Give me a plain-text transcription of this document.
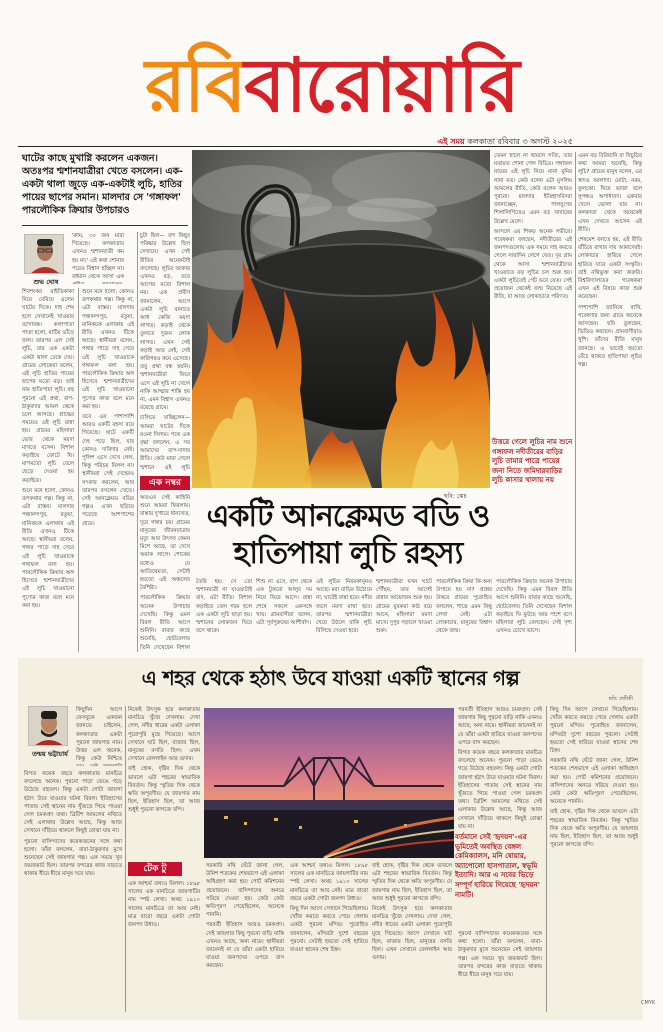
রবিবারোয়ারি
এই সময় কলকাতা রবিবার ৩ অগস্ট ২০২৫
ঘাটের কাছে মুখাগ্নি করলেন একজন। অতঃপর শ্মশানযাত্রীরা খেতে বসলেন। এক-একটা থালা জুড়ে এক-একটাই লুচি, হাতির পায়ের ছাপের সমান। মালদার সে 'গঙ্গাফল' পারলৌকিক ক্রিয়ার উপচারও
শুভ ঘোষ

'কাম, ৩০ জন মারা গিয়েছে। কলকাতায় এখনও শ্মশানযাত্রী কম হয় না।' এই কথা শোনার পরেও বিশ্বাস হচ্ছিল না। বর্ধমান থেকে আসা এক

শিবশংকর মাইতিকাকা নিয়ে বেরিয়ে এলেন ঘাটের দিকে। দাহ শেষ হলে সেখানেই খাওয়ার বন্দোবস্ত। কলাপাতা পাতা হলো, মাটির ভাঁড়ে জল। তারপর এল সেই লুচি, যার এক একটা একটা থালা ঢেকে দেয়। গ্রামের লোকেরা বলেন, এই লুচি হাতির পায়ের ছাপের মতো বড়। তাই নাম হাতিপায়া লুচি। বহু পুরনো এই প্রথা, বাপ-ঠাকুরদার আমল থেকে চলে আসছে। শ্রাদ্ধের সময়েও এই লুচি রান্না হয়। গ্রামের মহিলারা ভোর থেকে ময়দা মাখতে বসেন। বিশাল কড়াইয়ে ফোটে ঘি। মাপমতো লুচি বেলে ছেড়ে দেওয়া হয় কড়াইয়ে।

শুনে মনে হলো, কোনও রূপকথার গল্প। কিন্তু না, এটা বাস্তব। মালদার পঞ্চানন্দপুর, রতুয়া, মানিকচক এলাকায় এই রীতি এখনও টিকে আছে। স্থানীয়রা বলেন, গঙ্গার পাড়ে দাহ সেরে এই লুচি খাওয়াকে গঙ্গাফল বলা হয়। পারলৌকিক ক্রিয়ার অঙ্গ হিসেবে শ্মশানযাত্রীদের এই লুচি খাওয়ানো পুণ্যের কাজ বলে মনে করা হয়।

শুনে মনে হলো, কোনও রূপকথার গল্প। কিন্তু না, এটা বাস্তব। মালদার পঞ্চানন্দপুর, রতুয়া, মানিকচক এলাকায় এই রীতি এখনও টিকে আছে। স্থানীয়রা বলেন, গঙ্গার পাড়ে দাহ সেরে এই লুচি খাওয়াকে গঙ্গাফল বলা হয়। পারলৌকিক ক্রিয়ার অঙ্গ হিসেবে শ্মশানযাত্রীদের এই লুচি খাওয়ানো পুণ্যের কাজ বলে মনে করা হয়।

তবে এর পাশাপাশি আরও একটি রহস্য রয়ে গিয়েছে। ঘাটে একটি দেহ পড়ে ছিল, যার কোনও দাবিদার নেই। পুলিশ এসে দেখে গেল, কিন্তু পরিচয় মিলল না। স্থানীয়রা সেই দেহেরও সৎকার করলেন, আর তারপর বসলেন খেতে। সেই আনক্লেমড বডির গল্পও এখন ছড়িয়ে পড়েছে আশপাশের গ্রামে।

চুটা ছিল— বন্দ কিছুর পরিষ্কার উল্লেখ ছিল সেখানে। এখন সেই রীতির অনেকটাই বদলেছে। লুচির আকার এখনও বড়, তবে আগের মতো বিশাল নয়। এক প্রবীণ জানালেন, আগে একটা লুচি বানাতে আধ কেজি ময়দা লাগত। কড়াই থেকে তুলতে দুজন লোক লাগত। এখন সেই কড়াই আর নেই, সেই কারিগরও কমে এসেছে। তবু প্রথা বন্ধ হয়নি। শ্মশানযাত্রীরা ফিরে এসে এই লুচি না খেলে নাকি আত্মার শান্তি হয় না, এমন বিশ্বাস এখনও রয়েছে গ্রামে।

চালিয়ে যাচ্ছিলেন— আমরা ঘাটের দিকে রওনা দিলাম। পথে এক বৃদ্ধা বললেন, এ সব আমাদের বাপ-দাদার রীতি। কেউ মারা গেলে শ্মশানে এই লুচি

এক নম্বর

অতএব সেই কাহিনি শুনে আমরা ফিরলাম। রাস্তার দু'ধারে ধানখেত, দূরে গঙ্গার চর। গ্রামের মানুষের জীবনযাত্রায় মৃত্যু আর উৎসব কেমন মিশে আছে, তা দেখে অবাক লাগে। শোকের মধ্যেও যে আতিথেয়তা, সেটাই হয়তো এই অঞ্চলের বৈশিষ্ট্য।

পারলৌকিক ক্রিয়ার অনেক উপাচার দেখেছি। কিন্তু এমন বিরল রীতি আগে শুনিনি। বাবার কাছে শুনেছি, ছোটবেলায় তিনি দেখেছেন বিশাল

ছবি: স্কেচ

তেমন হালে না থামলে সত্যি, তার মতামত শোনা গেল বিচিত্র। গঙ্গাফল নামের এই লুচি নিয়ে নানা মুনির নানা মত। কেউ বলেন এটা মুসলিম আমলের রীতি, কেউ বলেন আরও পুরনো। মালদার ইতিহাসবিদরা জানাচ্ছেন, পালযুগের শিলালিপিতেও এমন বড় খাবারের উল্লেখ মেলে।

আসলে এর শিকড় অনেক গভীরে। গবেষকরা বলছেন, নদীতীরের এই জনপদগুলোয় এক সময়ে দাহ করতে গেলে সারাদিন লেগে যেত। দূর গ্রাম থেকে আসা শ্মশানযাত্রীদের খাওয়াতে বড় লুচির চল শুরু হয়। একটা লুচিতেই পেট ভরে যেত। সেই প্রয়োজন থেকেই জন্ম নিয়েছে এই রীতি, যা আজ লোকাচারে পরিণত।

এমন বড় বিরিয়ানি বা খিচুড়ির কথা আমরা শুনেছি, কিন্তু লুচি? গ্রামের মানুষ বলেন, এর স্বাদও আলাদা। মোটা, নরম, ফুলকো। ঘিয়ে ভাজা বলে সুগন্ধও অসাধারণ। একবার খেলে ভোলা যায় না। কলকাতা থেকে অনেকেই এখন দেখতে আসেন এই রীতি।

শেষমেশ বলতে হয়, এই রীতি বাঁচিয়ে রাখার দায় আমাদেরই। লোকাচার হারিয়ে গেলে হারিয়ে যাবে একটা সংস্কৃতি। তাই নথিভুক্ত করা জরুরি। বিশ্ববিদ্যালয়ের গবেষকরা এখন এই বিষয়ে কাজ শুরু করেছেন।

পাশাপাশি জানিয়ে রাখি, গবেষণার জন্য গ্রামে অনেকে আসছেন। ছবি তুলছেন, ভিডিও করছেন। গ্রামবাসীরাও খুশি। তাঁদের রীতি মানুষ জানছে। এ ভাবেই হয়তো বেঁচে থাকবে হাতিপায়া লুচির গল্প।

উত্তরে গেলে লুচির নাম শুনে গঙ্গাফল নদীতীরের বাড়ির লুচি তামার পাত্রে পায়ের জন্য নিতে জমিদারবাড়ির লুচি কাসার থালায় নয়
একটি আনক্লেমড বডি ও হাতিপায়া লুচি রহস্য

তৈরি হয়: সে তো শ্মশানযাত্রী না যাওয়াটাই বাদ, ওটা রীতি। বিশাল কড়াইয়ে তেল গরম হলে এক একটা লুচি ছাড়া হয়। শ্মশানের লোকজন ঘিরে বসে থাকে।

শিশু না এসে, বাগ থেকে এক টুকরো আলুর দম নিয়ে ফিরে আসে। রান্না শেষে সকলে একসঙ্গে খায়। গ্রামবাসীরা বলেন, এটা পূর্বপুরুষের আশীর্বাদ।

এই লুচির নিয়মকানুনও আছে। মরা বাড়ির উঠোনে না, ঘাটেই রান্না হবে। নদীর জলে ময়দা মাখা হবে। তারপর শ্মশানযাত্রীরা খেয়ে উঠলে বাকি লুচি বিলিয়ে দেওয়া হবে।

শ্মশানযাত্রীরা যখন ঘাটে পৌঁছন, তার আগেই রান্নার আয়োজন শুরু হয়। গ্রামের যুবকরা কাঠ বয়ে আনে, মহিলারা ময়দা মাখে। দুপুর গড়ালে খাওয়া শুরু।

পারলৌকিক ক্রিয়া কি অন্য উপায়ে হয় না? প্রশ্নের উত্তরে গ্রামের পুরোহিত বললেন, শাস্ত্রে এমন কিছু লেখা নেই। এটা লোকাচার, মানুষের বিশ্বাস থেকে জন্ম।

পারলৌকিক ক্রিয়ার অনেক উপাচার দেখেছি। কিন্তু এমন বিরল রীতি আগে শুনিনি। বাবার কাছে শুনেছি, ছোটবেলায় তিনি দেখেছেন বিশাল কড়াইয়ে ঘি ফুটছে আর পাশে বসে মহিলারা লুচি বেলছেন। সেই দৃশ্য এখনও চোখে ভাসে।

এ শহর থেকে হঠাৎ উবে যাওয়া একটি স্থানের গল্প
ছবি: প্রতীকী
তন্ময় ভট্টাচার্য

কিছুদিন আগে ফেসবুকে একজন জানতে চাইলেন, কলকাতার একটা পুরনো জায়গার নাম। উত্তর এল অনেক, কিন্তু কেউ নিশ্চিত

বিগত কয়েক বছরে কলকাতার মানচিত্র বদলেছে অনেক। পুরনো পাড়া ভেঙে গড়ে উঠেছে বহুতল। কিন্তু একটা গোটা জায়গা হঠাৎ উবে যাওয়ার ঘটনা বিরল। ইতিহাসের পাতায় সেই স্থানের নাম খুঁজতে গিয়ে পাওয়া গেল চমকপ্রদ তথ্য। ব্রিটিশ আমলের নথিতে সেই এলাকার উল্লেখ আছে, কিন্তু আজ সেখানে দাঁড়িয়ে থাকলে কিছুই বোঝা যায় না।

পুরনো বাসিন্দাদের কয়েকজনের সঙ্গে কথা হলো। তাঁরা বললেন, বাবা-ঠাকুরদার মুখে শুনেছেন সেই জায়গার গল্প। এক সময়ে খুব জমজমাট ছিল। তারপর বন্দরের কাজ বাড়তে থাকায় ধীরে ধীরে মানুষ সরে যায়।

নিকেই উৎসুক হয়ে কলকাতার মানচিত্র খুঁজে দেখলাম। দেখা গেল, নদীর ধারের একটা এলাকা পুরোপুরি মুছে গিয়েছে। আগে সেখানে ঘাট ছিল, বাজার ছিল, মানুষের বসতি ছিল। এখন সেখানে রেললাইন আর গুদাম।

যাই হোক, দৃষ্টির দিক থেকে ভাবলে এটা শহরের স্বাভাবিক বিবর্তন। কিন্তু স্মৃতির দিক থেকে ক্ষতি অপূরণীয়। যে জায়গার নাম ছিল, ইতিহাস ছিল, তা আজ শুধুই পুরনো কাগজে বন্দি।

টেক টু

এক আশ্চর্য তথ্যও মিলল। ১৮৯৮ সালের এক মানচিত্রে জায়গাটির নাম স্পষ্ট লেখা। অথচ ১৯১০ সালের মানচিত্রে তা আর নেই। মাত্র বারো বছরে একটা গোটা জনপদ উধাও।

সরকারি নথি ঘেঁটে জানা গেল, উনিশ শতকের শেষভাগে এই এলাকা অধিগ্রহণ করা হয়। পোর্ট কমিশনের প্রয়োজনে। বাসিন্দাদের অন্যত্র সরিয়ে দেওয়া হয়। কেউ কেউ ক্ষতিপূরণ পেয়েছিলেন, অনেকে পাননি।

পরবর্তী ইতিহাস আরও চমকপ্রদ। সেই জায়গার কিছু পুরনো বাড়ি নাকি এখনও আছে, অন্য নামে। স্থানীয়রা জানেনই না যে তাঁরা একটা হারিয়ে যাওয়া জনপদের ওপরে বাস করছেন।

এক আশ্চর্য তথ্যও মিলল। ১৮৯৮ সালের এক মানচিত্রে জায়গাটির নাম স্পষ্ট লেখা। অথচ ১৯১০ সালের মানচিত্রে তা আর নেই। মাত্র বারো বছরে একটা গোটা জনপদ উধাও।

কিছু দিন আগে সেখানে গিয়েছিলাম। খোঁজ করতে করতে পেয়ে গেলাম একটা পুরনো মন্দির। পুরোহিত জানালেন, মন্দিরটা দুশো বছরের পুরনো। সেটাই হয়তো সেই হারিয়ে যাওয়া স্থানের শেষ চিহ্ন।

যাই হোক, দৃষ্টির দিক থেকে ভাবলে এটা শহরের স্বাভাবিক বিবর্তন। কিন্তু স্মৃতির দিক থেকে ক্ষতি অপূরণীয়। যে জায়গার নাম ছিল, ইতিহাস ছিল, তা আজ শুধুই পুরনো কাগজে বন্দি।

নিকেই উৎসুক হয়ে কলকাতার মানচিত্র খুঁজে দেখলাম। দেখা গেল, নদীর ধারের একটা এলাকা পুরোপুরি মুছে গিয়েছে। আগে সেখানে ঘাট ছিল, বাজার ছিল, মানুষের বসতি ছিল। এখন সেখানে রেললাইন আর গুদাম।

পরবর্তী ইতিহাস আরও চমকপ্রদ। সেই জায়গার কিছু পুরনো বাড়ি নাকি এখনও আছে, অন্য নামে। স্থানীয়রা জানেনই না যে তাঁরা একটা হারিয়ে যাওয়া জনপদের ওপরে বাস করছেন।

বিগত কয়েক বছরে কলকাতার মানচিত্র বদলেছে অনেক। পুরনো পাড়া ভেঙে গড়ে উঠেছে বহুতল। কিন্তু একটা গোটা জায়গা হঠাৎ উবে যাওয়ার ঘটনা বিরল। ইতিহাসের পাতায় সেই স্থানের নাম খুঁজতে গিয়ে পাওয়া গেল চমকপ্রদ তথ্য। ব্রিটিশ আমলের নথিতে সেই এলাকার উল্লেখ আছে, কিন্তু আজ সেখানে দাঁড়িয়ে থাকলে কিছুই বোঝা যায় না।

বর্তমানে সেই 'হৃদয়ন'-এর ভূমিতেই অবস্থিত বেঙ্গল কেমিক্যালস, মনি ষোয়ার, অ্যাপোলো হাসপাতাল, স্বভূমি ইত্যাদি। আর এ সবের ভিড়ে সম্পূর্ণ হারিয়ে গিয়েছে 'হৃদয়ন' নামটি।

পুরনো বাসিন্দাদের কয়েকজনের সঙ্গে কথা হলো। তাঁরা বললেন, বাবা-ঠাকুরদার মুখে শুনেছেন সেই জায়গার গল্প। এক সময়ে খুব জমজমাট ছিল। তারপর বন্দরের কাজ বাড়তে থাকায় ধীরে ধীরে মানুষ সরে যায়।

কিছু দিন আগে সেখানে গিয়েছিলাম। খোঁজ করতে করতে পেয়ে গেলাম একটা পুরনো মন্দির। পুরোহিত জানালেন, মন্দিরটা দুশো বছরের পুরনো। সেটাই হয়তো সেই হারিয়ে যাওয়া স্থানের শেষ চিহ্ন।

সরকারি নথি ঘেঁটে জানা গেল, উনিশ শতকের শেষভাগে এই এলাকা অধিগ্রহণ করা হয়। পোর্ট কমিশনের প্রয়োজনে। বাসিন্দাদের অন্যত্র সরিয়ে দেওয়া হয়। কেউ কেউ ক্ষতিপূরণ পেয়েছিলেন, অনেকে পাননি।

যাই হোক, দৃষ্টির দিক থেকে ভাবলে এটা শহরের স্বাভাবিক বিবর্তন। কিন্তু স্মৃতির দিক থেকে ক্ষতি অপূরণীয়। যে জায়গার নাম ছিল, ইতিহাস ছিল, তা আজ শুধুই পুরনো কাগজে বন্দি।

CMYK
